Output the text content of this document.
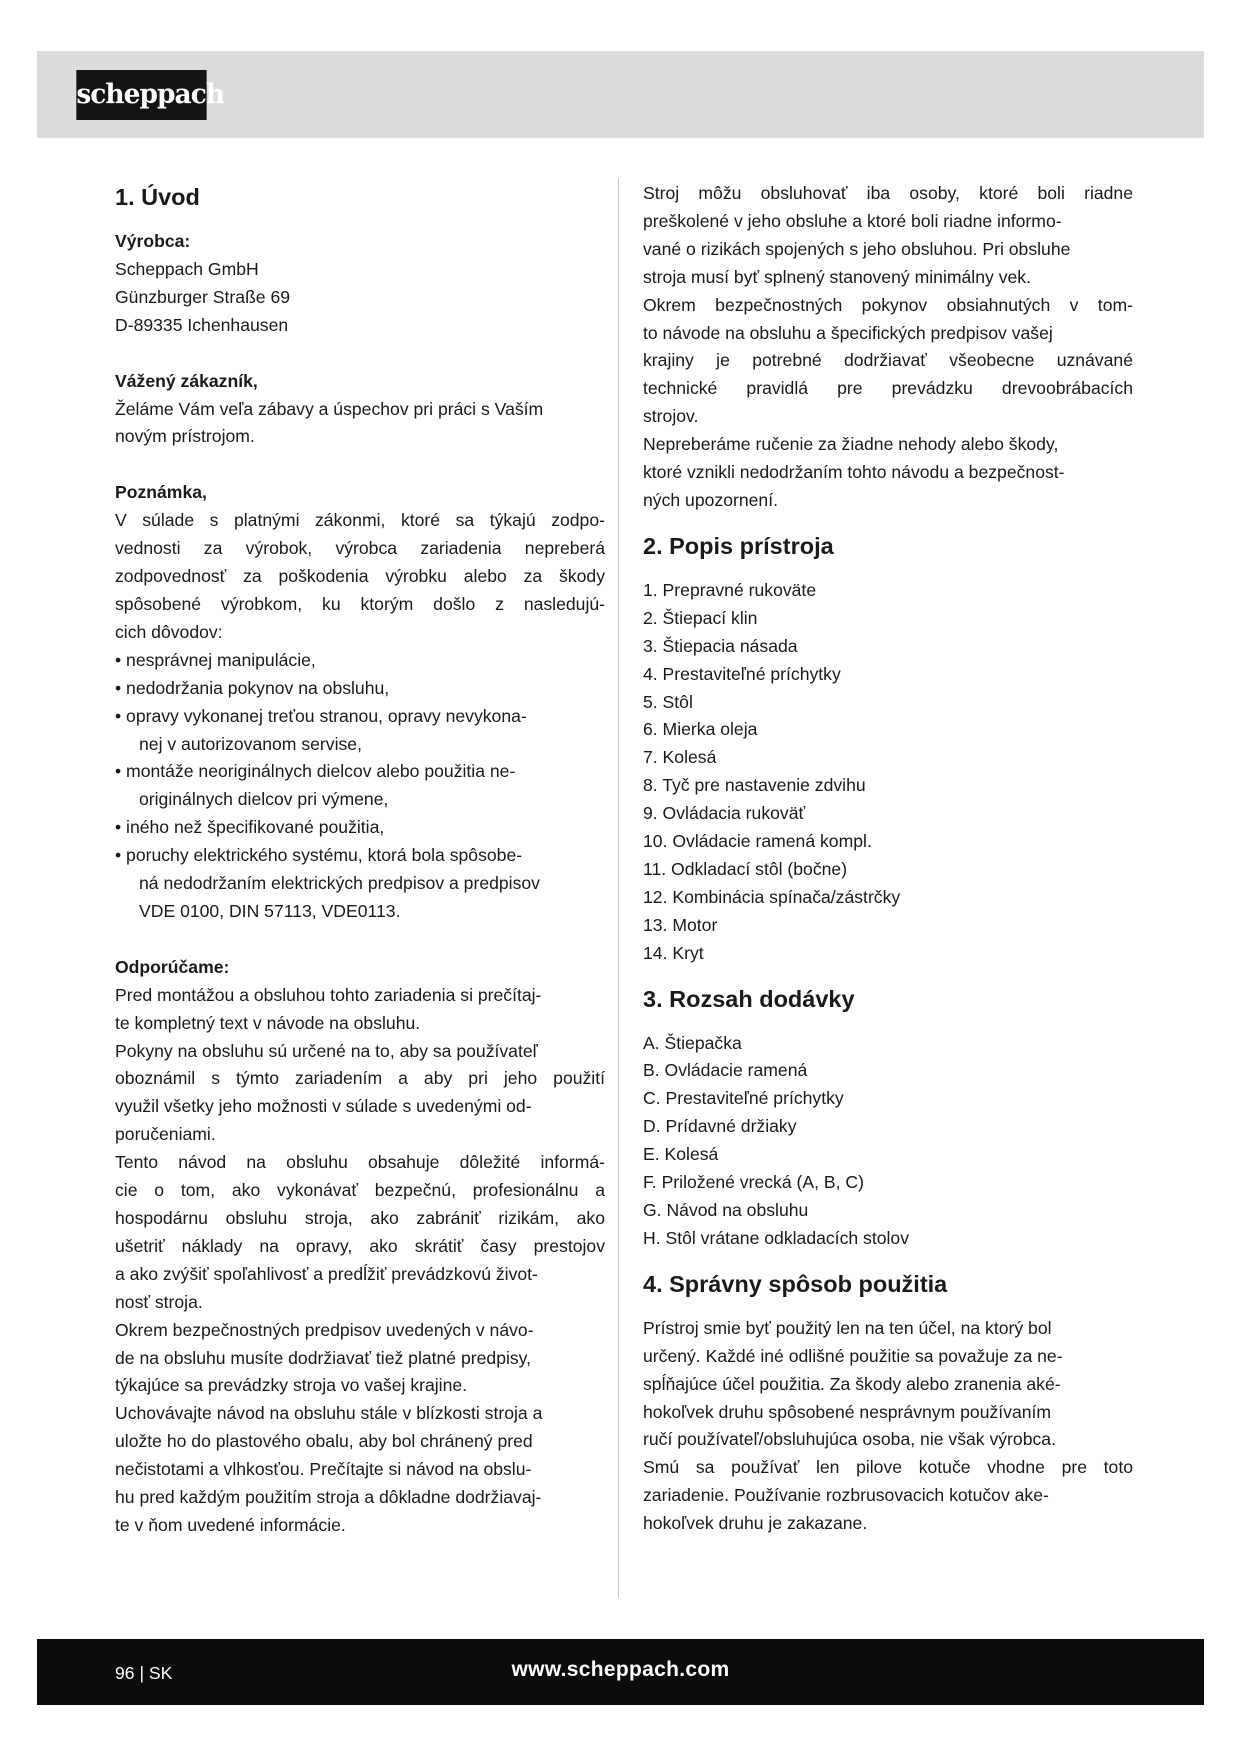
scheppach
1. Úvod
Výrobca:
Scheppach GmbH
Günzburger Straße 69
D-89335 Ichenhausen
Vážený zákazník,
Želáme Vám veľa zábavy a úspechov pri práci s Vaším
novým prístrojom.
Poznámka,
V súlade s platnými zákonmi, ktoré sa týkajú zodpo-
vednosti za výrobok, výrobca zariadenia nepreberá
zodpovednosť za poškodenia výrobku alebo za škody
spôsobené výrobkom, ku ktorým došlo z nasledujú-
cich dôvodov:
• nesprávnej manipulácie,
• nedodržania pokynov na obsluhu,
• opravy vykonanej treťou stranou, opravy nevykona-
nej v autorizovanom servise,
• montáže neoriginálnych dielcov alebo použitia ne-
originálnych dielcov pri výmene,
• iného než špecifikované použitia,
• poruchy elektrického systému, ktorá bola spôsobe-
ná nedodržaním elektrických predpisov a predpisov
VDE 0100, DIN 57113, VDE0113.
Odporúčame:
Pred montážou a obsluhou tohto zariadenia si prečítaj-
te kompletný text v návode na obsluhu.
Pokyny na obsluhu sú určené na to, aby sa používateľ
oboznámil s týmto zariadením a aby pri jeho použití
využil všetky jeho možnosti v súlade s uvedenými od-
poručeniami.
Tento návod na obsluhu obsahuje dôležité informá-
cie o tom, ako vykonávať bezpečnú, profesionálnu a
hospodárnu obsluhu stroja, ako zabrániť rizikám, ako
ušetriť náklady na opravy, ako skrátiť časy prestojov
a ako zvýšiť spoľahlivosť a predĺžiť prevádzkovú život-
nosť stroja.
Okrem bezpečnostných predpisov uvedených v návo-
de na obsluhu musíte dodržiavať tiež platné predpisy,
týkajúce sa prevádzky stroja vo vašej krajine.
Uchovávajte návod na obsluhu stále v blízkosti stroja a
uložte ho do plastového obalu, aby bol chránený pred
nečistotami a vlhkosťou. Prečítajte si návod na obslu-
hu pred každým použitím stroja a dôkladne dodržiavaj-
te v ňom uvedené informácie.
Stroj môžu obsluhovať iba osoby, ktoré boli riadne
preškolené v jeho obsluhe a ktoré boli riadne informo-
vané o rizikách spojených s jeho obsluhou. Pri obsluhe
stroja musí byť splnený stanovený minimálny vek.
Okrem bezpečnostných pokynov obsiahnutých v tom-
to návode na obsluhu a špecifických predpisov vašej
krajiny je potrebné dodržiavať všeobecne uznávané
technické pravidlá pre prevádzku drevoobrábacích
strojov.
Nepreberáme ručenie za žiadne nehody alebo škody,
ktoré vznikli nedodržaním tohto návodu a bezpečnost-
ných upozornení.
2. Popis prístroja
1. Prepravné rukoväte
2. Štiepací klin
3. Štiepacia násada
4. Prestaviteľné príchytky
5. Stôl
6. Mierka oleja
7. Kolesá
8. Tyč pre nastavenie zdvihu
9. Ovládacia rukoväť
10. Ovládacie ramená kompl.
11. Odkladací stôl (bočne)
12. Kombinácia spínača/zástrčky
13. Motor
14. Kryt
3. Rozsah dodávky
A. Štiepačka
B. Ovládacie ramená
C. Prestaviteľné príchytky
D. Prídavné držiaky
E. Kolesá
F. Priložené vrecká (A, B, C)
G. Návod na obsluhu
H. Stôl vrátane odkladacích stolov
4. Správny spôsob použitia
Prístroj smie byť použitý len na ten účel, na ktorý bol
určený. Každé iné odlišné použitie sa považuje za ne-
spĺňajúce účel použitia. Za škody alebo zranenia aké-
hokoľvek druhu spôsobené nesprávnym používaním
ručí používateľ/obsluhujúca osoba, nie však výrobca.
Smú sa používať len pilove kotuče vhodne pre toto
zariadenie. Používanie rozbrusovacich kotučov ake-
hokoľvek druhu je zakazane.
96 | SK	www.scheppach.com
